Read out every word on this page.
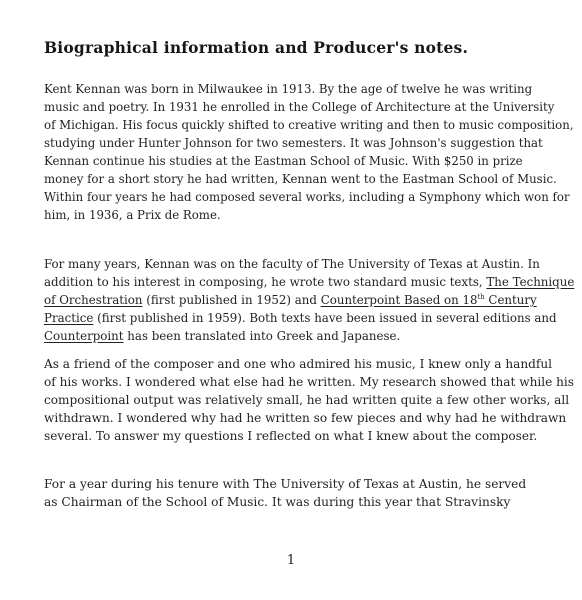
Biographical information and Producer's notes.

Kent Kennan was born in Milwaukee in 1913. By the age of twelve he was writing
music and poetry. In 1931 he enrolled in the College of Architecture at the University
of Michigan. His focus quickly shifted to creative writing and then to music composition,
studying under Hunter Johnson for two semesters. It was Johnson's suggestion that
Kennan continue his studies at the Eastman School of Music. With $250 in prize
money for a short story he had written, Kennan went to the Eastman School of Music.
Within four years he had composed several works, including a Symphony which won for
him, in 1936, a Prix de Rome.

For many years, Kennan was on the faculty of The University of Texas at Austin. In
addition to his interest in composing, he wrote two standard music texts, The Technique
of Orchestration (first published in 1952) and Counterpoint Based on 18th Century
Practice (first published in 1959). Both texts have been issued in several editions and
Counterpoint has been translated into Greek and Japanese.

As a friend of the composer and one who admired his music, I knew only a handful
of his works. I wondered what else had he written. My research showed that while his
compositional output was relatively small, he had written quite a few other works, all
withdrawn. I wondered why had he written so few pieces and why had he withdrawn
several. To answer my questions I reflected on what I knew about the composer.

For a year during his tenure with The University of Texas at Austin, he served
as Chairman of the School of Music. It was during this year that Stravinsky

1
